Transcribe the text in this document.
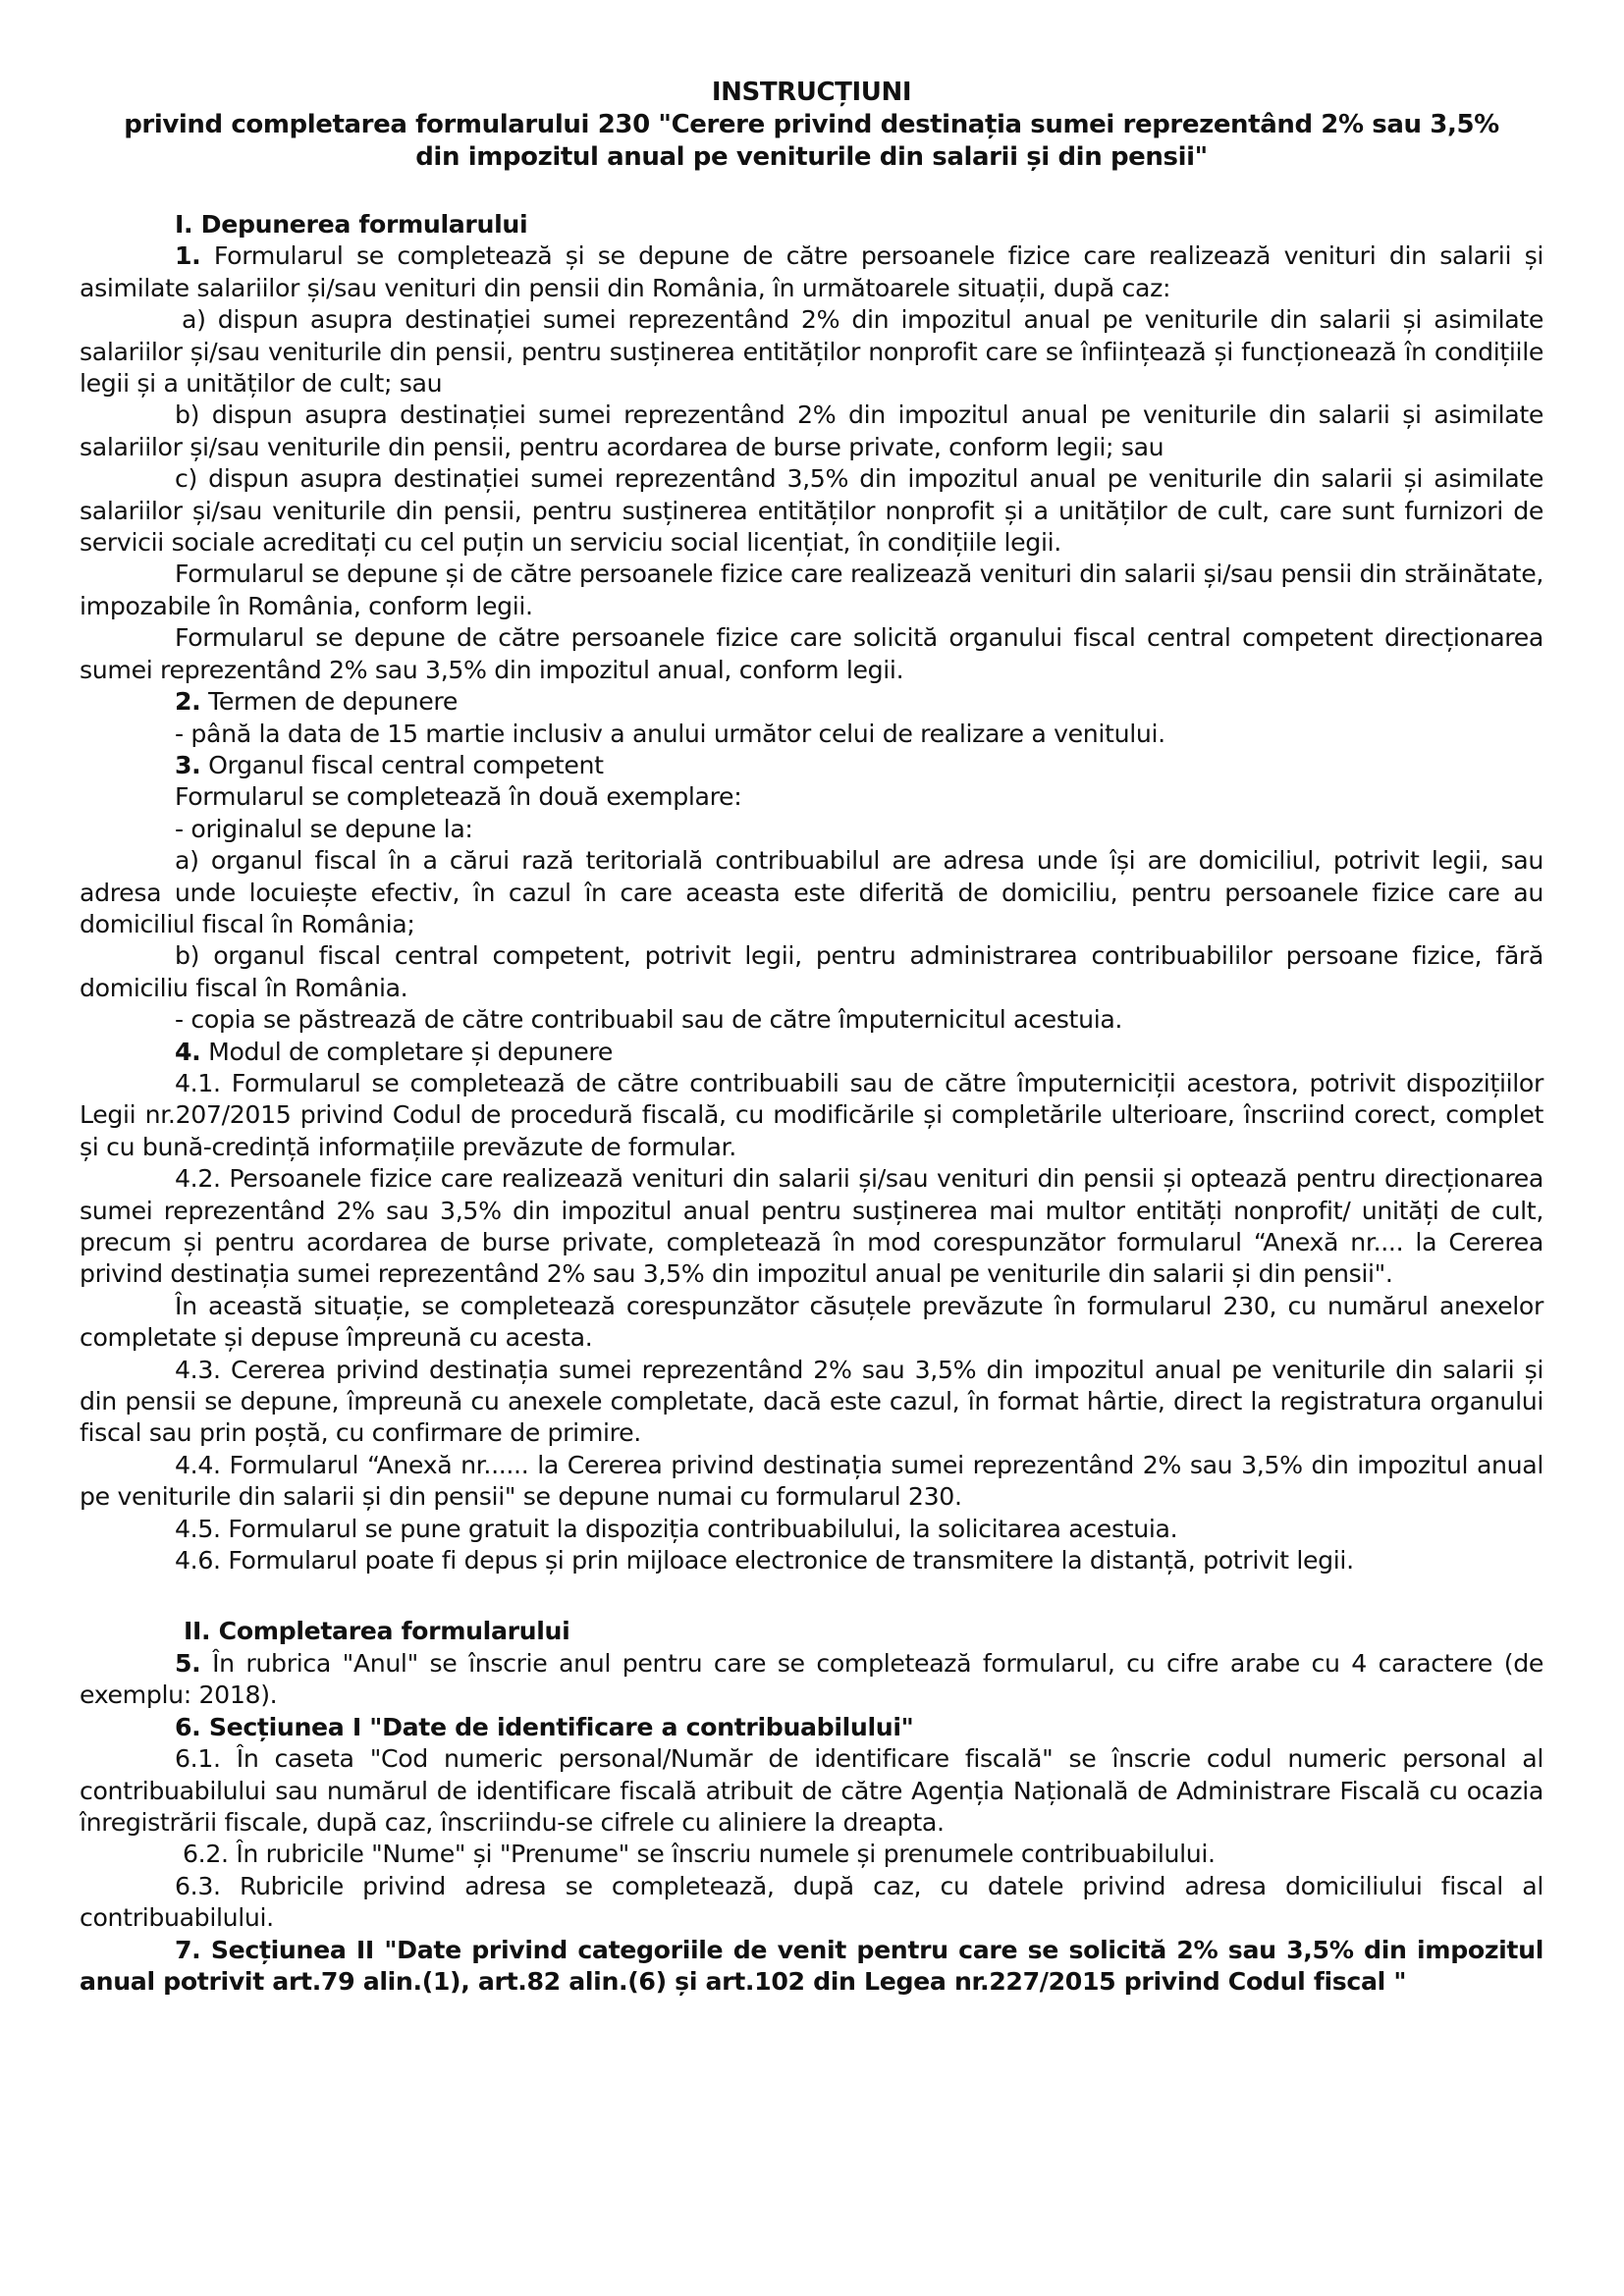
INSTRUCȚIUNI
privind completarea formularului 230 "Cerere privind destinația sumei reprezentând 2% sau 3,5%
din impozitul anual pe veniturile din salarii și din pensii"
I. Depunerea formularului

1. Formularul se completează și se depune de către persoanele fizice care realizează venituri din salarii și asimilate salariilor și/sau venituri din pensii din România, în următoarele situații, după caz:

a) dispun asupra destinației sumei reprezentând 2% din impozitul anual pe veniturile din salarii și asimilate salariilor și/sau veniturile din pensii, pentru susținerea entităților nonprofit care se înființează și funcționează în condițiile legii și a unităților de cult; sau

b) dispun asupra destinației sumei reprezentând 2% din impozitul anual pe veniturile din salarii și asimilate salariilor și/sau veniturile din pensii, pentru acordarea de burse private, conform legii; sau

c) dispun asupra destinației sumei reprezentând 3,5% din impozitul anual pe veniturile din salarii și asimilate salariilor și/sau veniturile din pensii, pentru susținerea entităților nonprofit și a unităților de cult, care sunt furnizori de servicii sociale acreditați cu cel puțin un serviciu social licențiat, în condițiile legii.

Formularul se depune și de către persoanele fizice care realizează venituri din salarii și/sau pensii din străinătate, impozabile în România, conform legii.

Formularul se depune de către persoanele fizice care solicită organului fiscal central competent direcționarea sumei reprezentând 2% sau 3,5% din impozitul anual, conform legii.

2. Termen de depunere

- până la data de 15 martie inclusiv a anului următor celui de realizare a venitului.

3. Organul fiscal central competent

Formularul se completează în două exemplare:

- originalul se depune la:

a) organul fiscal în a cărui rază teritorială contribuabilul are adresa unde își are domiciliul, potrivit legii, sau adresa unde locuiește efectiv, în cazul în care aceasta este diferită de domiciliu, pentru persoanele fizice care au domiciliul fiscal în România;

b) organul fiscal central competent, potrivit legii, pentru administrarea contribuabililor persoane fizice, fără domiciliu fiscal în România.

- copia se păstrează de către contribuabil sau de către împuternicitul acestuia.

4. Modul de completare și depunere

4.1. Formularul se completează de către contribuabili sau de către împuterniciții acestora, potrivit dispozițiilor Legii nr.207/2015 privind Codul de procedură fiscală, cu modificările și completările ulterioare, înscriind corect, complet și cu bună-credință informațiile prevăzute de formular.

4.2. Persoanele fizice care realizează venituri din salarii și/sau venituri din pensii și optează pentru direcționarea sumei reprezentând 2% sau 3,5% din impozitul anual pentru susținerea mai multor entități nonprofit/ unități de cult, precum și pentru acordarea de burse private, completează în mod corespunzător formularul “Anexă nr.... la Cererea privind destinația sumei reprezentând 2% sau 3,5% din impozitul anual pe veniturile din salarii și din pensii".

În această situație, se completează corespunzător căsuțele prevăzute în formularul 230, cu numărul anexelor completate și depuse împreună cu acesta.

4.3. Cererea privind destinația sumei reprezentând 2% sau 3,5% din impozitul anual pe veniturile din salarii și din pensii se depune, împreună cu anexele completate, dacă este cazul, în format hârtie, direct la registratura organului fiscal sau prin poștă, cu confirmare de primire.

4.4. Formularul “Anexă nr...... la Cererea privind destinația sumei reprezentând 2% sau 3,5% din impozitul anual pe veniturile din salarii și din pensii" se depune numai cu formularul 230.

4.5. Formularul se pune gratuit la dispoziția contribuabilului, la solicitarea acestuia.

4.6. Formularul poate fi depus și prin mijloace electronice de transmitere la distanță, potrivit legii.

II. Completarea formularului

5. În rubrica "Anul" se înscrie anul pentru care se completează formularul, cu cifre arabe cu 4 caractere (de exemplu: 2018).

6. Secțiunea I "Date de identificare a contribuabilului"

6.1. În caseta "Cod numeric personal/Număr de identificare fiscală" se înscrie codul numeric personal al contribuabilului sau numărul de identificare fiscală atribuit de către Agenția Națională de Administrare Fiscală cu ocazia înregistrării fiscale, după caz, înscriindu-se cifrele cu aliniere la dreapta.

6.2. În rubricile "Nume" și "Prenume" se înscriu numele și prenumele contribuabilului.

6.3. Rubricile privind adresa se completează, după caz, cu datele privind adresa domiciliului fiscal al contribuabilului.

7. Secțiunea II "Date privind categoriile de venit pentru care se solicită 2% sau 3,5% din impozitul anual potrivit art.79 alin.(1), art.82 alin.(6) și art.102 din Legea nr.227/2015 privind Codul fiscal "
